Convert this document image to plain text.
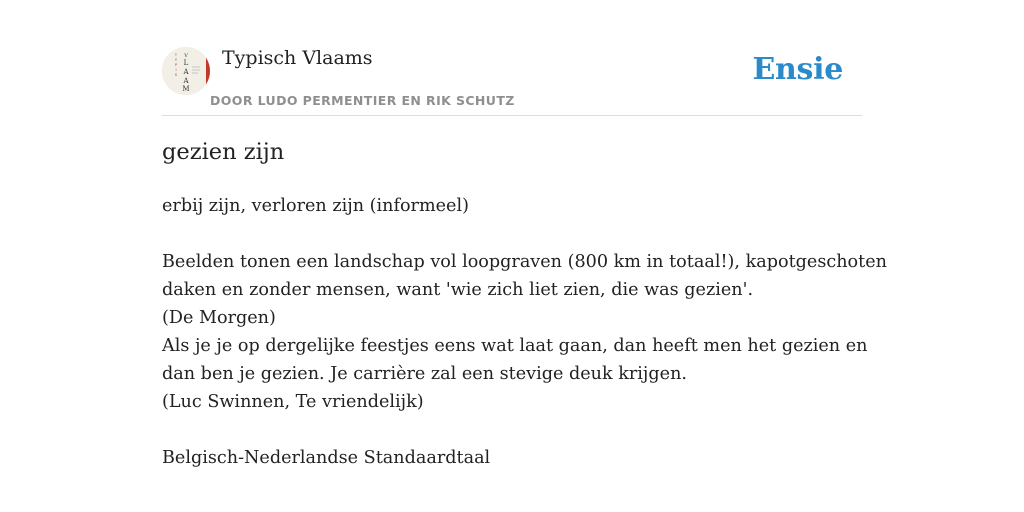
V
L
A
A
M
T
Y
P
I
S
Typisch Vlaams
DOOR LUDO PERMENTIER EN RIK SCHUTZ
Ensie
gezien zijn
erbij zijn, verloren zijn (informeel)
Beelden tonen een landschap vol loopgraven (800 km in totaal!), kapotgeschoten
daken en zonder mensen, want 'wie zich liet zien, die was gezien'.
(De Morgen)
Als je je op dergelijke feestjes eens wat laat gaan, dan heeft men het gezien en
dan ben je gezien. Je carrière zal een stevige deuk krijgen.
(Luc Swinnen, Te vriendelijk)
Belgisch-Nederlandse Standaardtaal
